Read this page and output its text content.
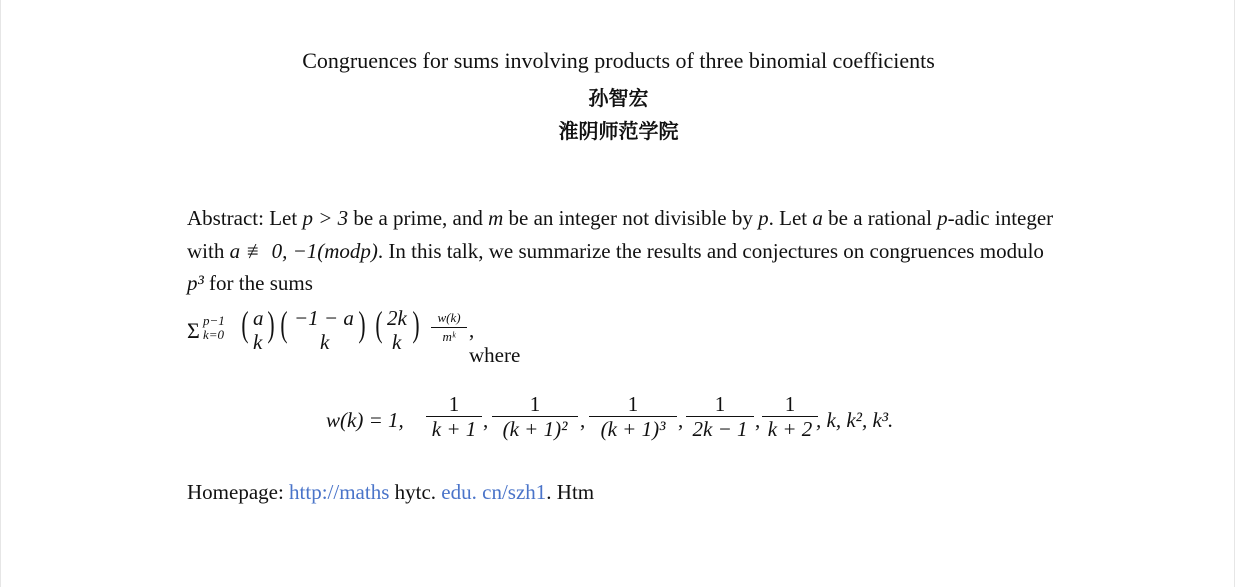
Congruences for sums involving products of three binomial coefficients
孙智宏
淮阴师范学院
Abstract: Let p > 3 be a prime, and m be an integer not divisible by p. Let a be a rational p-adic integer with a ≢ 0, −1(modp). In this talk, we summarize the results and conjectures on congruences modulo p³ for the sums
Σ p−1
k=0 ( a
k ) ( −1 − a
k ) ( 2k
k )	w(k)
mᵏ , where
w(k) = 1,
1
k + 1 ,
1
(k + 1)² ,
1
(k + 1)³ ,
1
2k − 1 ,
1
k + 2 , k, k², k³.
Homepage: http://maths hytc. edu. cn/szh1. Htm
